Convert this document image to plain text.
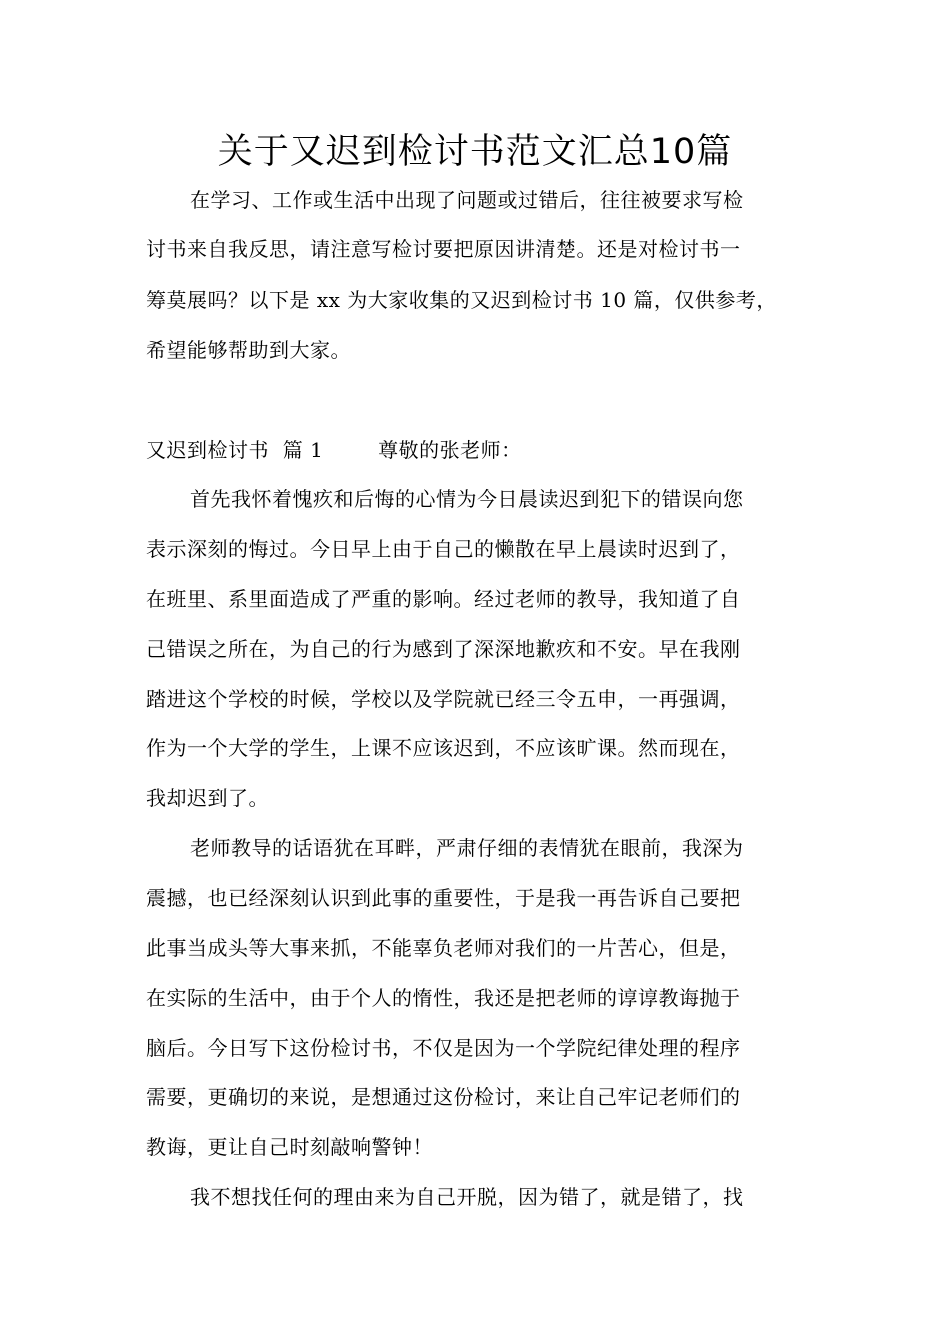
关于又迟到检讨书范文汇总10篇
在学习、工作或生活中出现了问题或过错后，往往被要求写检
讨书来自我反思，请注意写检讨要把原因讲清楚。还是对检讨书一
筹莫展吗？以下是 xx 为大家收集的又迟到检讨书 10 篇，仅供参考，
希望能够帮助到大家。
又迟到检讨书  篇 1        尊敬的张老师：
首先我怀着愧疚和后悔的心情为今日晨读迟到犯下的错误向您
表示深刻的悔过。今日早上由于自己的懒散在早上晨读时迟到了，
在班里、系里面造成了严重的影响。经过老师的教导，我知道了自
己错误之所在，为自己的行为感到了深深地歉疚和不安。早在我刚
踏进这个学校的时候，学校以及学院就已经三令五申，一再强调，
作为一个大学的学生，上课不应该迟到，不应该旷课。然而现在，
我却迟到了。
老师教导的话语犹在耳畔，严肃仔细的表情犹在眼前，我深为
震撼，也已经深刻认识到此事的重要性，于是我一再告诉自己要把
此事当成头等大事来抓，不能辜负老师对我们的一片苦心，但是，
在实际的生活中，由于个人的惰性，我还是把老师的谆谆教诲抛于
脑后。今日写下这份检讨书，不仅是因为一个学院纪律处理的程序
需要，更确切的来说，是想通过这份检讨，来让自己牢记老师们的
教诲，更让自己时刻敲响警钟！
我不想找任何的理由来为自己开脱，因为错了，就是错了，找
